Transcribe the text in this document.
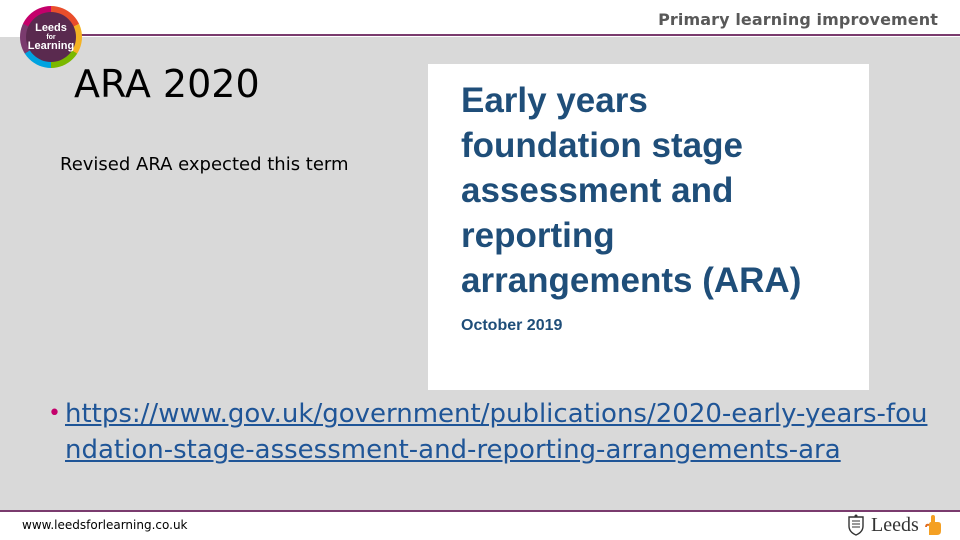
Leeds
for
Learning
Primary learning improvement
ARA 2020
Revised ARA expected this term
Early years
foundation stage
assessment and
reporting
arrangements (ARA)
October 2019
• https://www.gov.uk/government/publications/2020-early-years-foundation-stage-assessment-and-reporting-arrangements-ara
www.leedsforlearning.co.uk	Leeds
